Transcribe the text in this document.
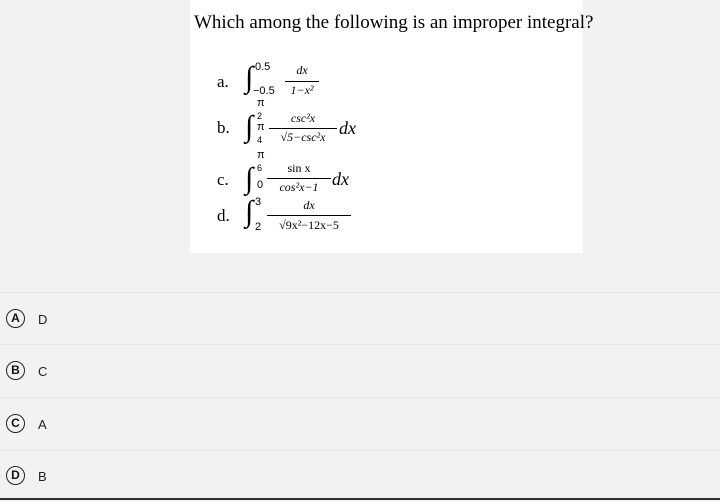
Which among the following is an improper integral?
a. ∫ 0.5
−0.5
dx
1−x²
b.
π
∫ 2
π
4
csc²x
√5−csc²x dx
c.
π
∫ 6
0
sin x
cos²x−1 dx
d. ∫ 3
2
dx
√9x²−12x−5
A	D
B	C
C	A
D	B
